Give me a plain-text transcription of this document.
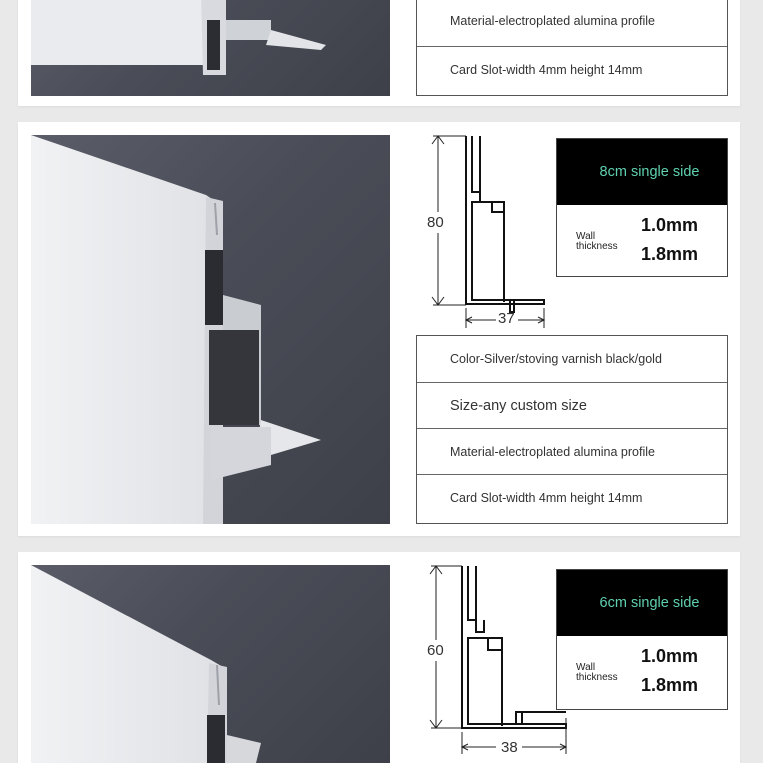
Material-electroplated alumina profile
Card Slot-width 4mm height 14mm
80
37
8cm single side
Wall
thickness
1.0mm
1.8mm
Color-Silver/stoving varnish black/gold
Size-any custom size
Material-electroplated alumina profile
Card Slot-width 4mm height 14mm
60
38
6cm single side
Wall
thickness
1.0mm
1.8mm
